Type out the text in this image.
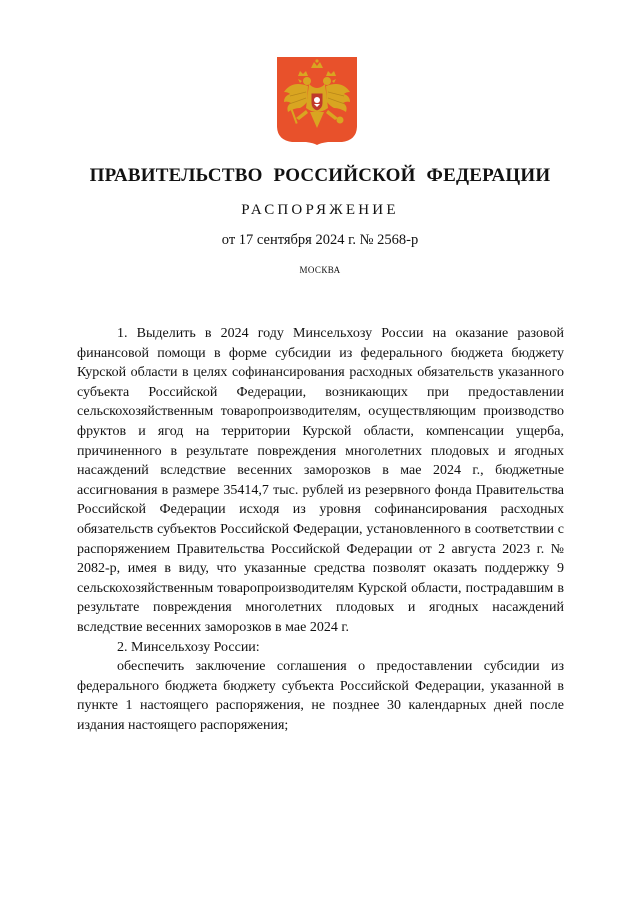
ПРАВИТЕЛЬСТВО РОССИЙСКОЙ ФЕДЕРАЦИИ
РАСПОРЯЖЕНИЕ
от 17 сентября 2024 г. № 2568-р
МОСКВА

1. Выделить в 2024 году Минсельхозу России на оказание разовой финансовой помощи в форме субсидии из федерального бюджета бюджету Курской области в целях софинансирования расходных обязательств указанного субъекта Российской Федерации, возникающих при предоставлении сельскохозяйственным товаропроизводителям, осуществляющим производство фруктов и ягод на территории Курской области, компенсации ущерба, причиненного в результате повреждения многолетних плодовых и ягодных насаждений вследствие весенних заморозков в мае 2024 г., бюджетные ассигнования в размере 35414,7 тыс. рублей из резервного фонда Правительства Российской Федерации исходя из уровня софинансирования расходных обязательств субъектов Российской Федерации, установленного в соответствии с распоряжением Правительства Российской Федерации от 2 августа 2023 г. № 2082-р, имея в виду, что указанные средства позволят оказать поддержку 9 сельскохозяйственным товаропроизводителям Курской области, пострадавшим в результате повреждения многолетних плодовых и ягодных насаждений вследствие весенних заморозков в мае 2024 г.

2. Минсельхозу России:

обеспечить заключение соглашения о предоставлении субсидии из федерального бюджета бюджету субъекта Российской Федерации, указанной в пункте 1 настоящего распоряжения, не позднее 30 календарных дней после издания настоящего распоряжения;
